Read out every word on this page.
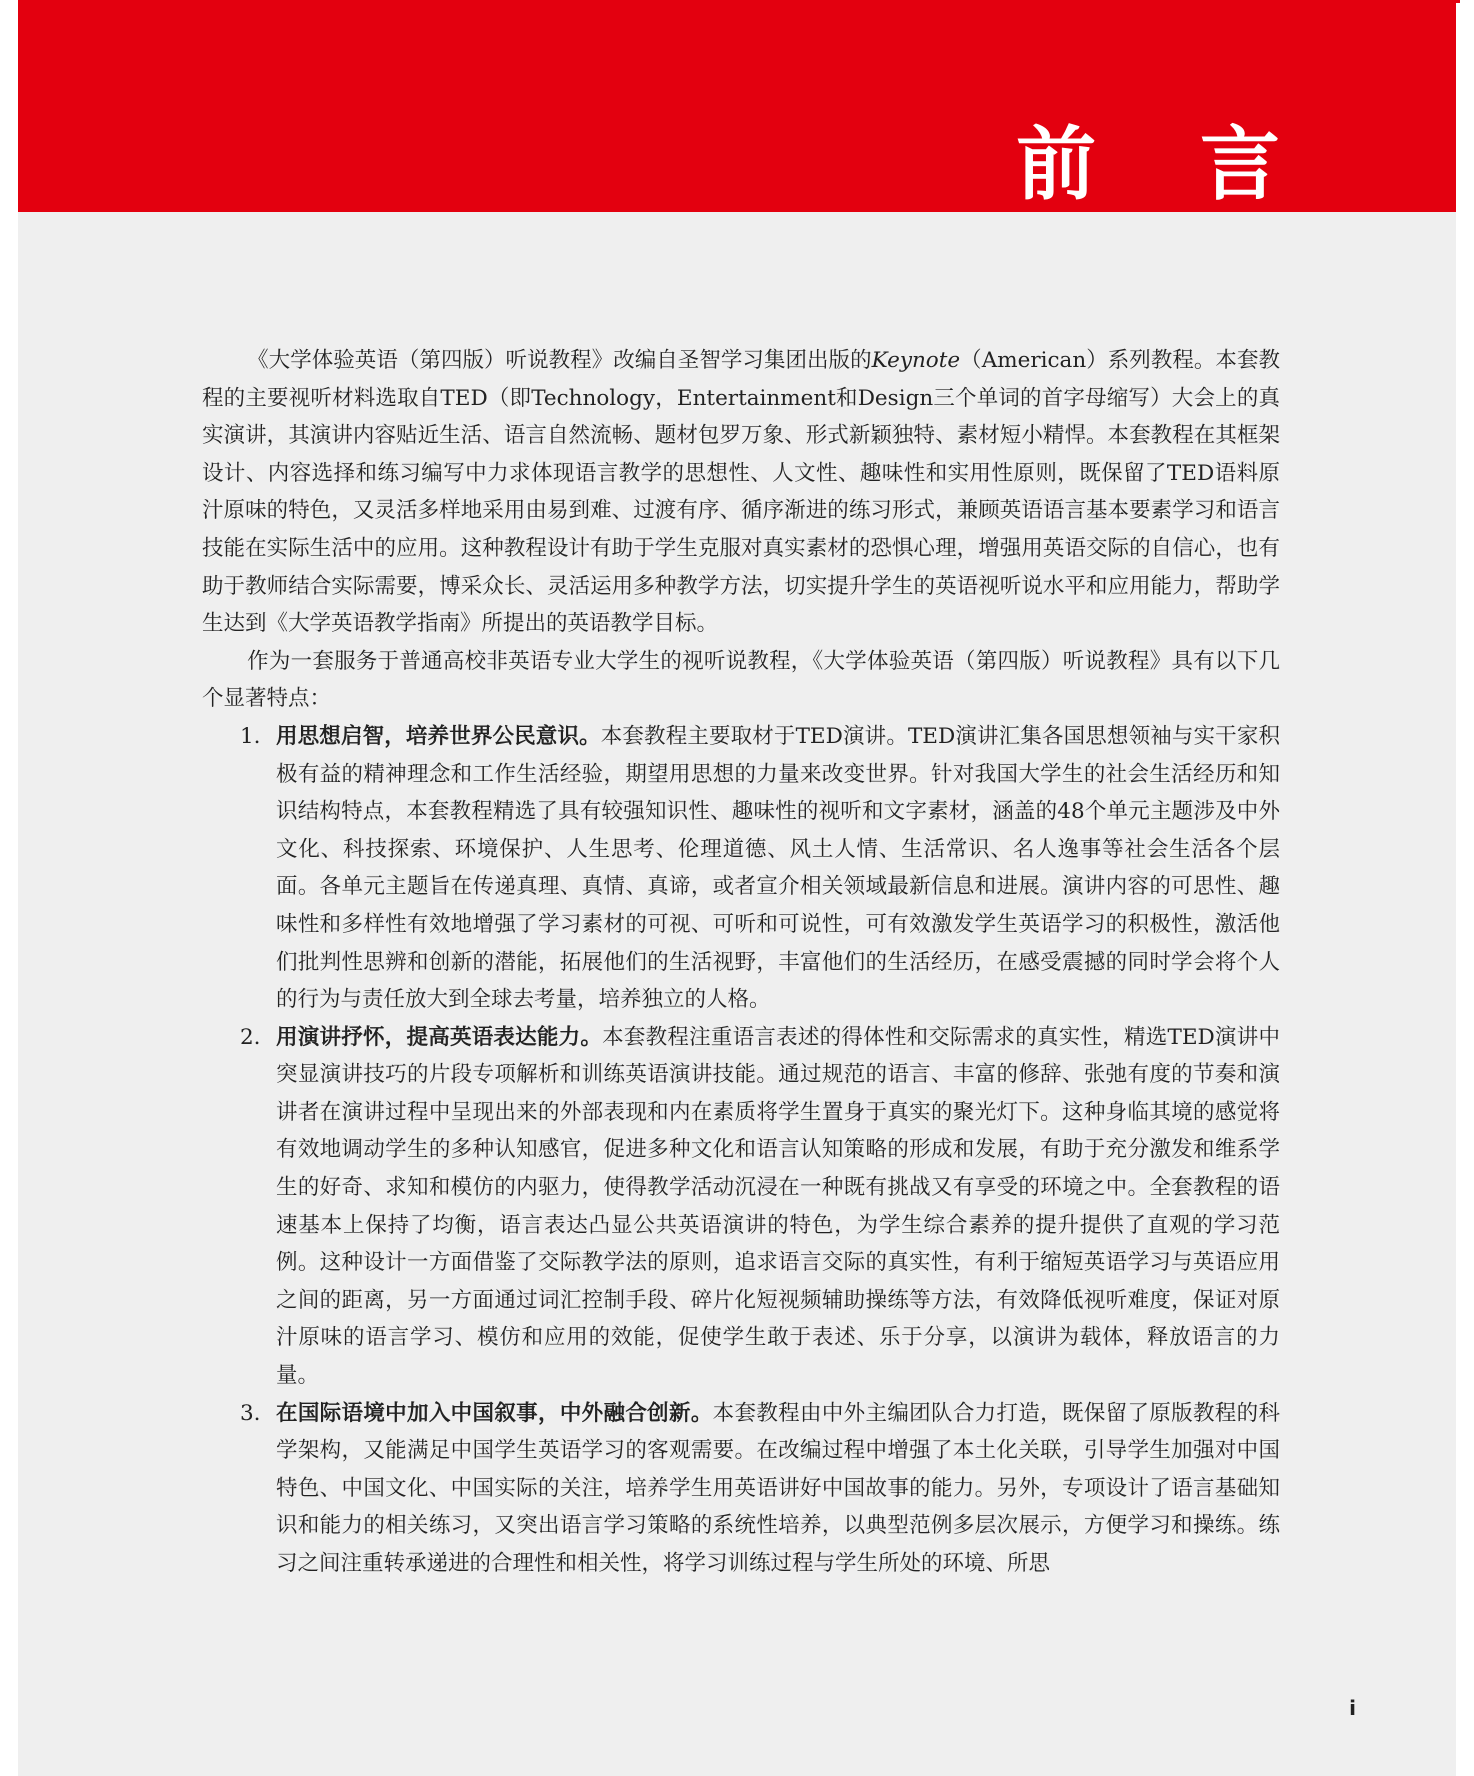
前 言

《大学体验英语（第四版）听说教程》改编自圣智学习集团出版的Keynote（American）系列教程。本套教程的主要视听材料选取自TED（即Technology，Entertainment和Design三个单词的首字母缩写）大会上的真实演讲，其演讲内容贴近生活、语言自然流畅、题材包罗万象、形式新颖独特、素材短小精悍。本套教程在其框架设计、内容选择和练习编写中力求体现语言教学的思想性、人文性、趣味性和实用性原则，既保留了TED语料原汁原味的特色，又灵活多样地采用由易到难、过渡有序、循序渐进的练习形式，兼顾英语语言基本要素学习和语言技能在实际生活中的应用。这种教程设计有助于学生克服对真实素材的恐惧心理，增强用英语交际的自信心，也有助于教师结合实际需要，博采众长、灵活运用多种教学方法，切实提升学生的英语视听说水平和应用能力，帮助学生达到《大学英语教学指南》所提出的英语教学目标。

作为一套服务于普通高校非英语专业大学生的视听说教程，《大学体验英语（第四版）听说教程》具有以下几个显著特点：

1. 用思想启智，培养世界公民意识。本套教程主要取材于TED演讲。TED演讲汇集各国思想领袖与实干家积极有益的精神理念和工作生活经验，期望用思想的力量来改变世界。针对我国大学生的社会生活经历和知识结构特点，本套教程精选了具有较强知识性、趣味性的视听和文字素材，涵盖的48个单元主题涉及中外文化、科技探索、环境保护、人生思考、伦理道德、风土人情、生活常识、名人逸事等社会生活各个层面。各单元主题旨在传递真理、真情、真谛，或者宣介相关领域最新信息和进展。演讲内容的可思性、趣味性和多样性有效地增强了学习素材的可视、可听和可说性，可有效激发学生英语学习的积极性，激活他们批判性思辨和创新的潜能，拓展他们的生活视野，丰富他们的生活经历，在感受震撼的同时学会将个人的行为与责任放大到全球去考量，培养独立的人格。
2. 用演讲抒怀，提高英语表达能力。本套教程注重语言表述的得体性和交际需求的真实性，精选TED演讲中突显演讲技巧的片段专项解析和训练英语演讲技能。通过规范的语言、丰富的修辞、张弛有度的节奏和演讲者在演讲过程中呈现出来的外部表现和内在素质将学生置身于真实的聚光灯下。这种身临其境的感觉将有效地调动学生的多种认知感官，促进多种文化和语言认知策略的形成和发展，有助于充分激发和维系学生的好奇、求知和模仿的内驱力，使得教学活动沉浸在一种既有挑战又有享受的环境之中。全套教程的语速基本上保持了均衡，语言表达凸显公共英语演讲的特色，为学生综合素养的提升提供了直观的学习范例。这种设计一方面借鉴了交际教学法的原则，追求语言交际的真实性，有利于缩短英语学习与英语应用之间的距离，另一方面通过词汇控制手段、碎片化短视频辅助操练等方法，有效降低视听难度，保证对原汁原味的语言学习、模仿和应用的效能，促使学生敢于表述、乐于分享，以演讲为载体，释放语言的力量。
3. 在国际语境中加入中国叙事，中外融合创新。本套教程由中外主编团队合力打造，既保留了原版教程的科学架构，又能满足中国学生英语学习的客观需要。在改编过程中增强了本土化关联，引导学生加强对中国特色、中国文化、中国实际的关注，培养学生用英语讲好中国故事的能力。另外，专项设计了语言基础知识和能力的相关练习，又突出语言学习策略的系统性培养，以典型范例多层次展示，方便学习和操练。练习之间注重转承递进的合理性和相关性，将学习训练过程与学生所处的环境、所思
i
